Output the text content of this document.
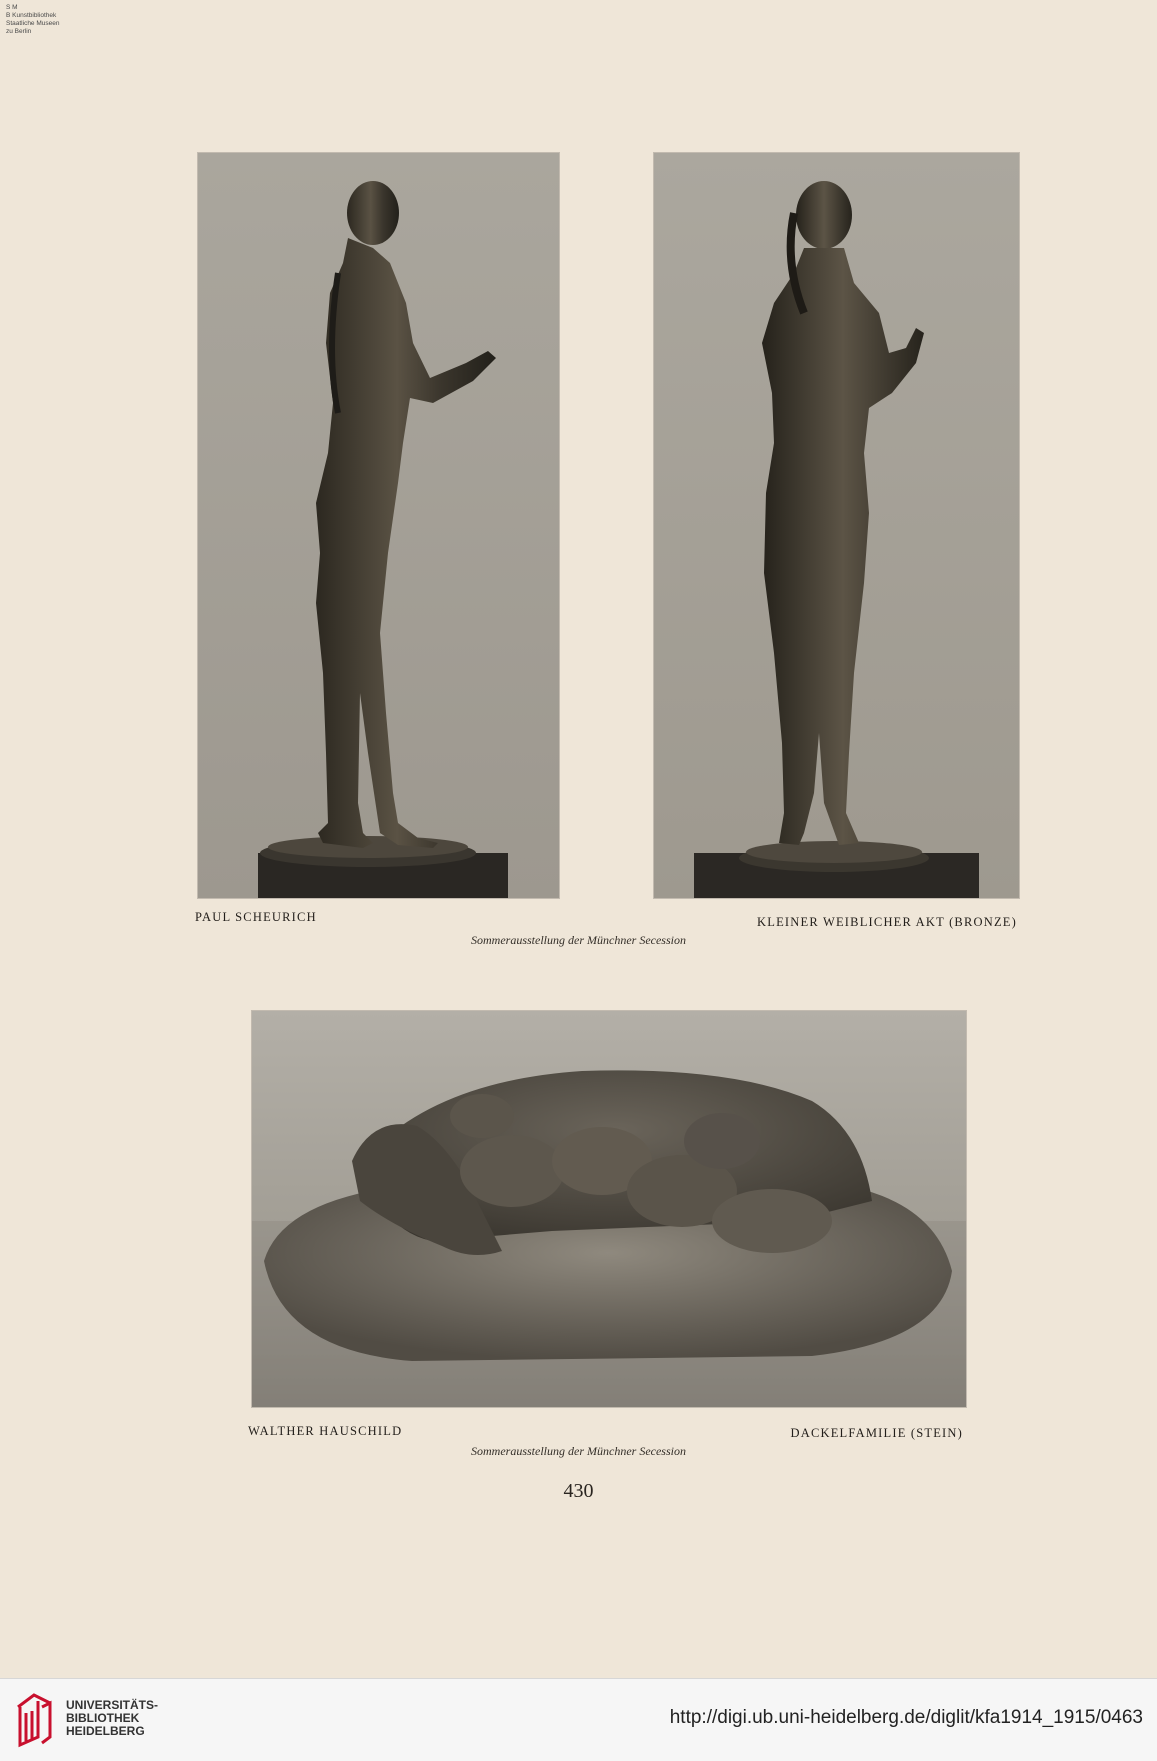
S M
B Kunstbibliothek
Staatliche Museen
zu Berlin
PAUL SCHEURICH	KLEINER WEIBLICHER AKT (BRONZE)
Sommerausstellung der Münchner Secession
WALTHER HAUSCHILD	DACKELFAMILIE (STEIN)
Sommerausstellung der Münchner Secession
430
UNIVERSITÄTS-
BIBLIOTHEK
HEIDELBERG
http://digi.ub.uni-heidelberg.de/diglit/kfa1914_1915/0463
